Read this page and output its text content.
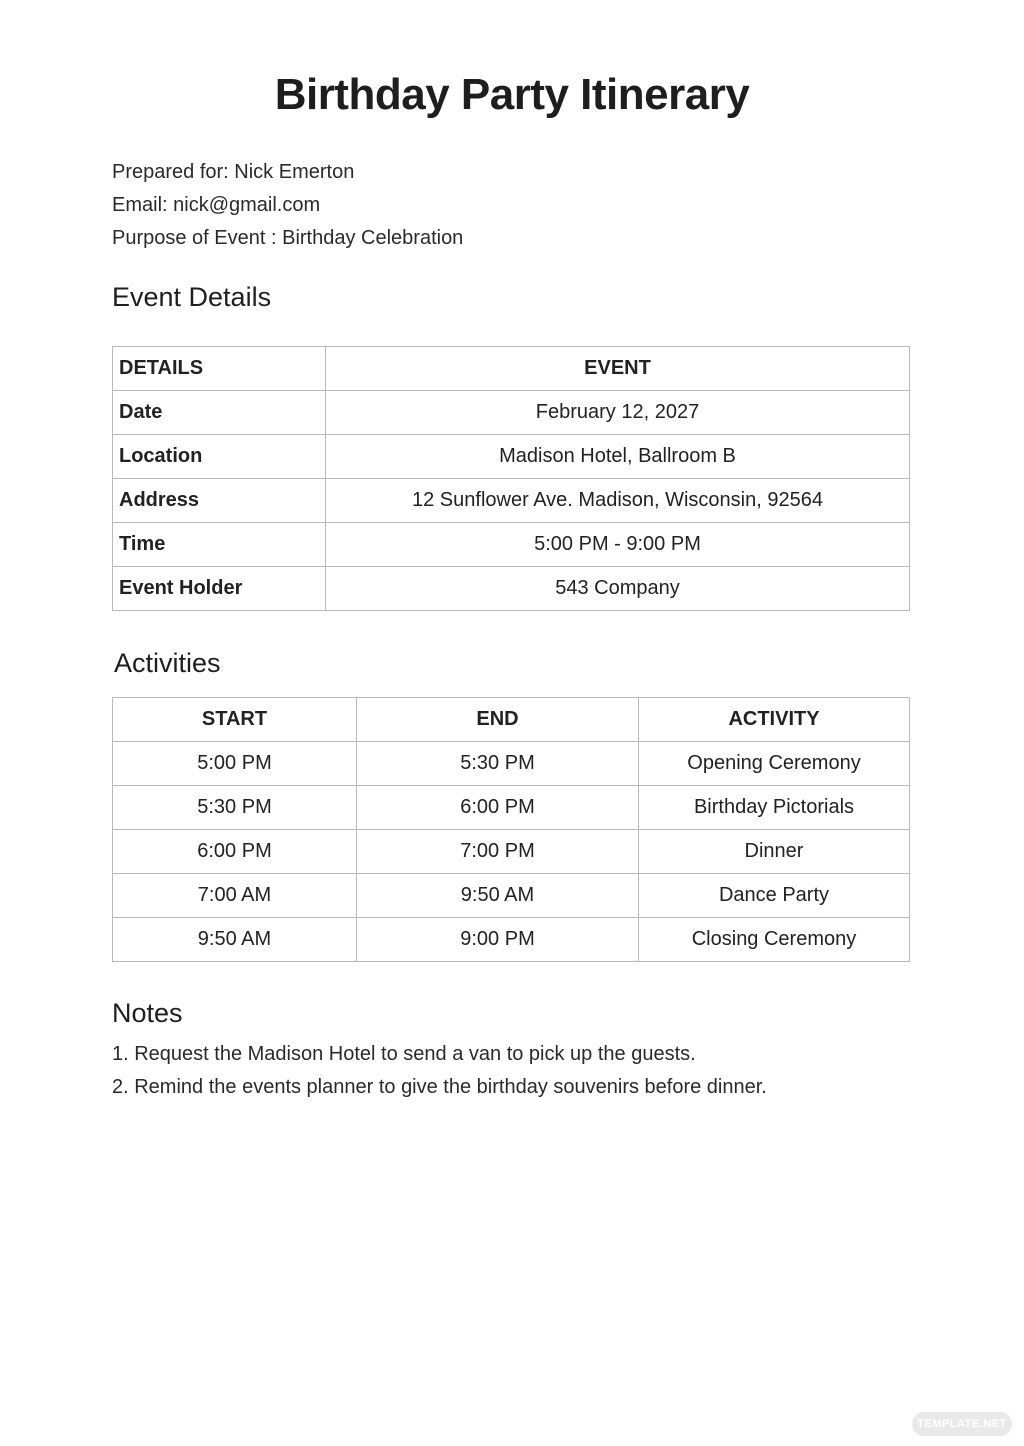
Birthday Party Itinerary
Prepared for: Nick Emerton
Email: nick@gmail.com
Purpose of Event : Birthday Celebration
Event Details
DETAILS	EVENT
Date	February 12, 2027
Location	Madison Hotel, Ballroom B
Address	12 Sunflower Ave. Madison, Wisconsin, 92564
Time	5:00 PM - 9:00 PM
Event Holder	543 Company
Activities
START	END	ACTIVITY
5:00 PM	5:30 PM	Opening Ceremony
5:30 PM	6:00 PM	Birthday Pictorials
6:00 PM	7:00 PM	Dinner
7:00 AM	9:50 AM	Dance Party
9:50 AM	9:00 PM	Closing Ceremony
Notes
1. Request the Madison Hotel to send a van to pick up the guests.
2. Remind the events planner to give the birthday souvenirs before dinner.
TEMPLATE.NET
